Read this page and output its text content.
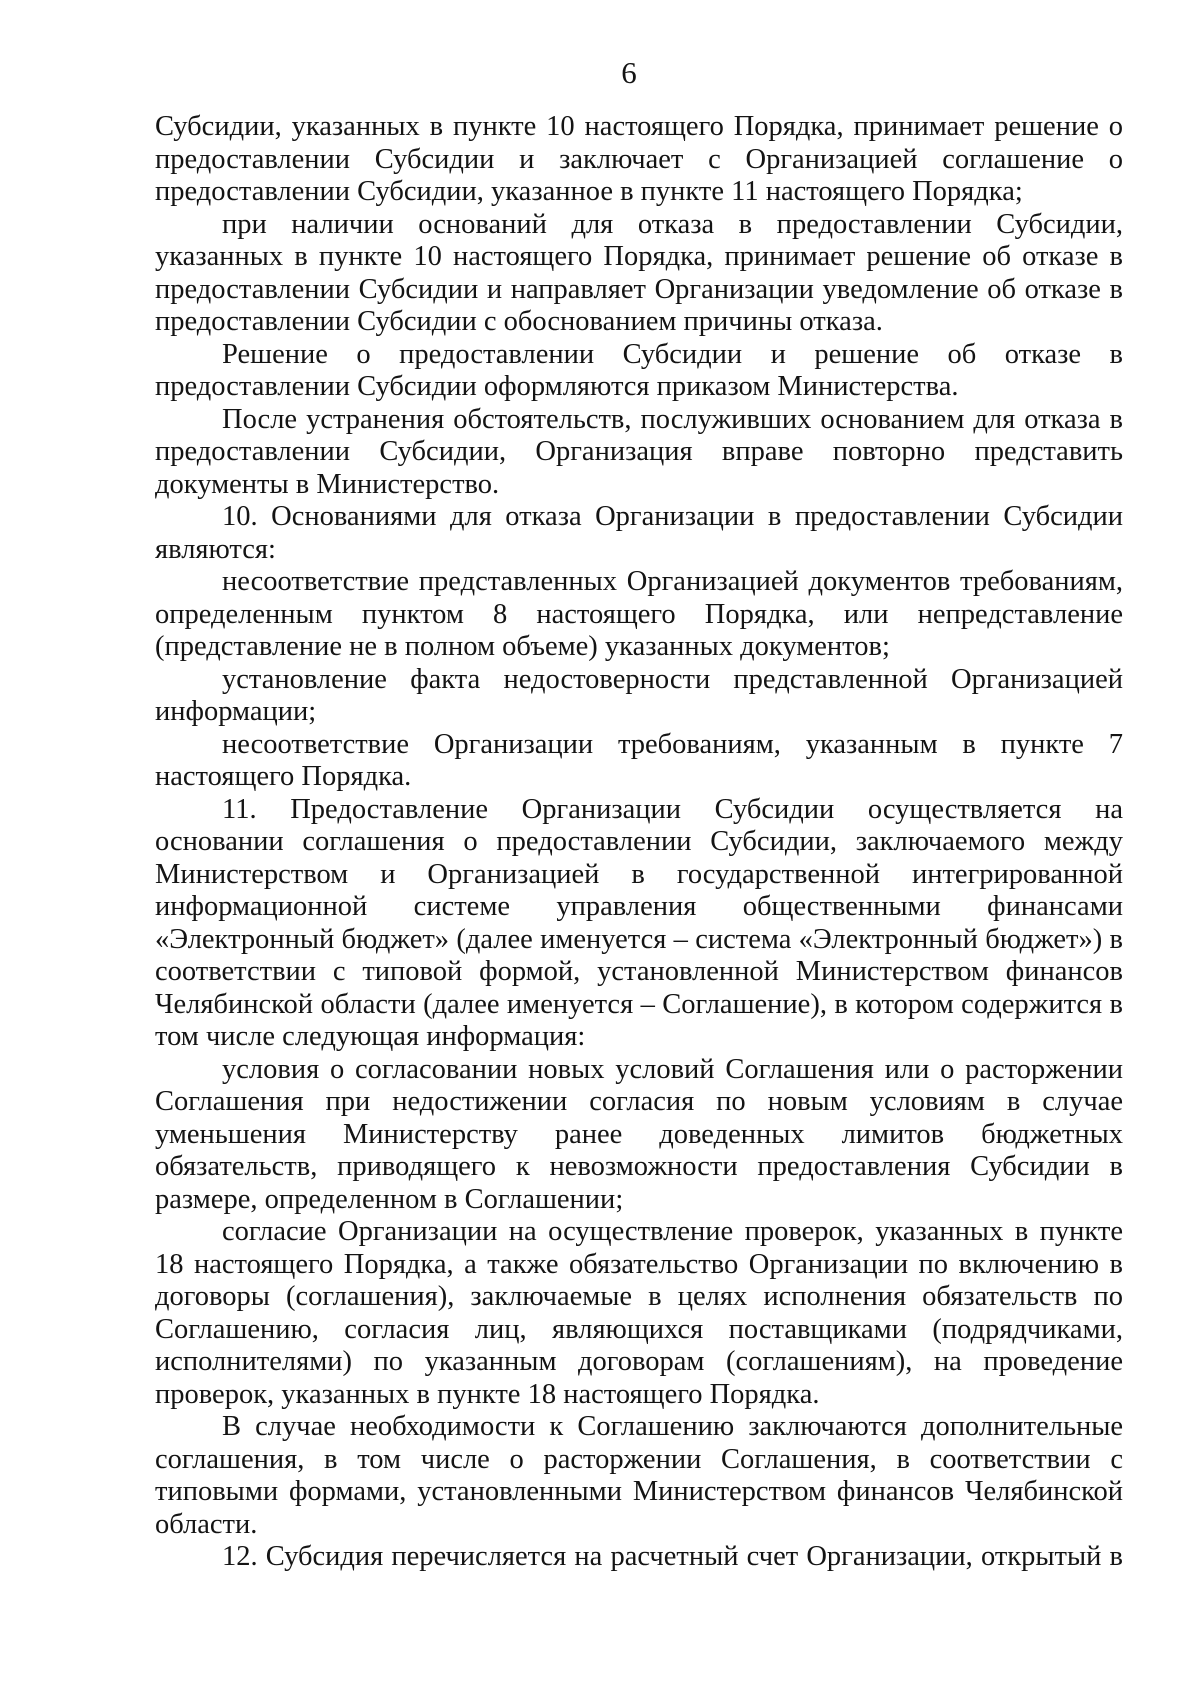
6

Субсидии, указанных в пункте 10 настоящего Порядка, принимает решение о предоставлении Субсидии и заключает с Организацией соглашение о предоставлении Субсидии, указанное в пункте 11 настоящего Порядка;

при наличии оснований для отказа в предоставлении Субсидии, указанных в пункте 10 настоящего Порядка, принимает решение об отказе в предоставлении Субсидии и направляет Организации уведомление об отказе в предоставлении Субсидии с обоснованием причины отказа.

Решение о предоставлении Субсидии и решение об отказе в предоставлении Субсидии оформляются приказом Министерства.

После устранения обстоятельств, послуживших основанием для отказа в предоставлении Субсидии, Организация вправе повторно представить документы в Министерство.

10. Основаниями для отказа Организации в предоставлении Субсидии являются:

несоответствие представленных Организацией документов требованиям, определенным пунктом 8 настоящего Порядка, или непредставление (представление не в полном объеме) указанных документов;

установление факта недостоверности представленной Организацией информации;

несоответствие Организации требованиям, указанным в пункте 7 настоящего Порядка.

11. Предоставление Организации Субсидии осуществляется на основании соглашения о предоставлении Субсидии, заключаемого между Министерством и Организацией в государственной интегрированной информационной системе управления общественными финансами «Электронный бюджет» (далее именуется – система «Электронный бюджет») в соответствии с типовой формой, установленной Министерством финансов Челябинской области (далее именуется – Соглашение), в котором содержится в том числе следующая информация:

условия о согласовании новых условий Соглашения или о расторжении Соглашения при недостижении согласия по новым условиям в случае уменьшения Министерству ранее доведенных лимитов бюджетных обязательств, приводящего к невозможности предоставления Субсидии в размере, определенном в Соглашении;

согласие Организации на осуществление проверок, указанных в пункте 18 настоящего Порядка, а также обязательство Организации по включению в договоры (соглашения), заключаемые в целях исполнения обязательств по Соглашению, согласия лиц, являющихся поставщиками (подрядчиками, исполнителями) по указанным договорам (соглашениям), на проведение проверок, указанных в пункте 18 настоящего Порядка.

В случае необходимости к Соглашению заключаются дополнительные соглашения, в том числе о расторжении Соглашения, в соответствии с типовыми формами, установленными Министерством финансов Челябинской области.

12. Субсидия перечисляется на расчетный счет Организации, открытый в
